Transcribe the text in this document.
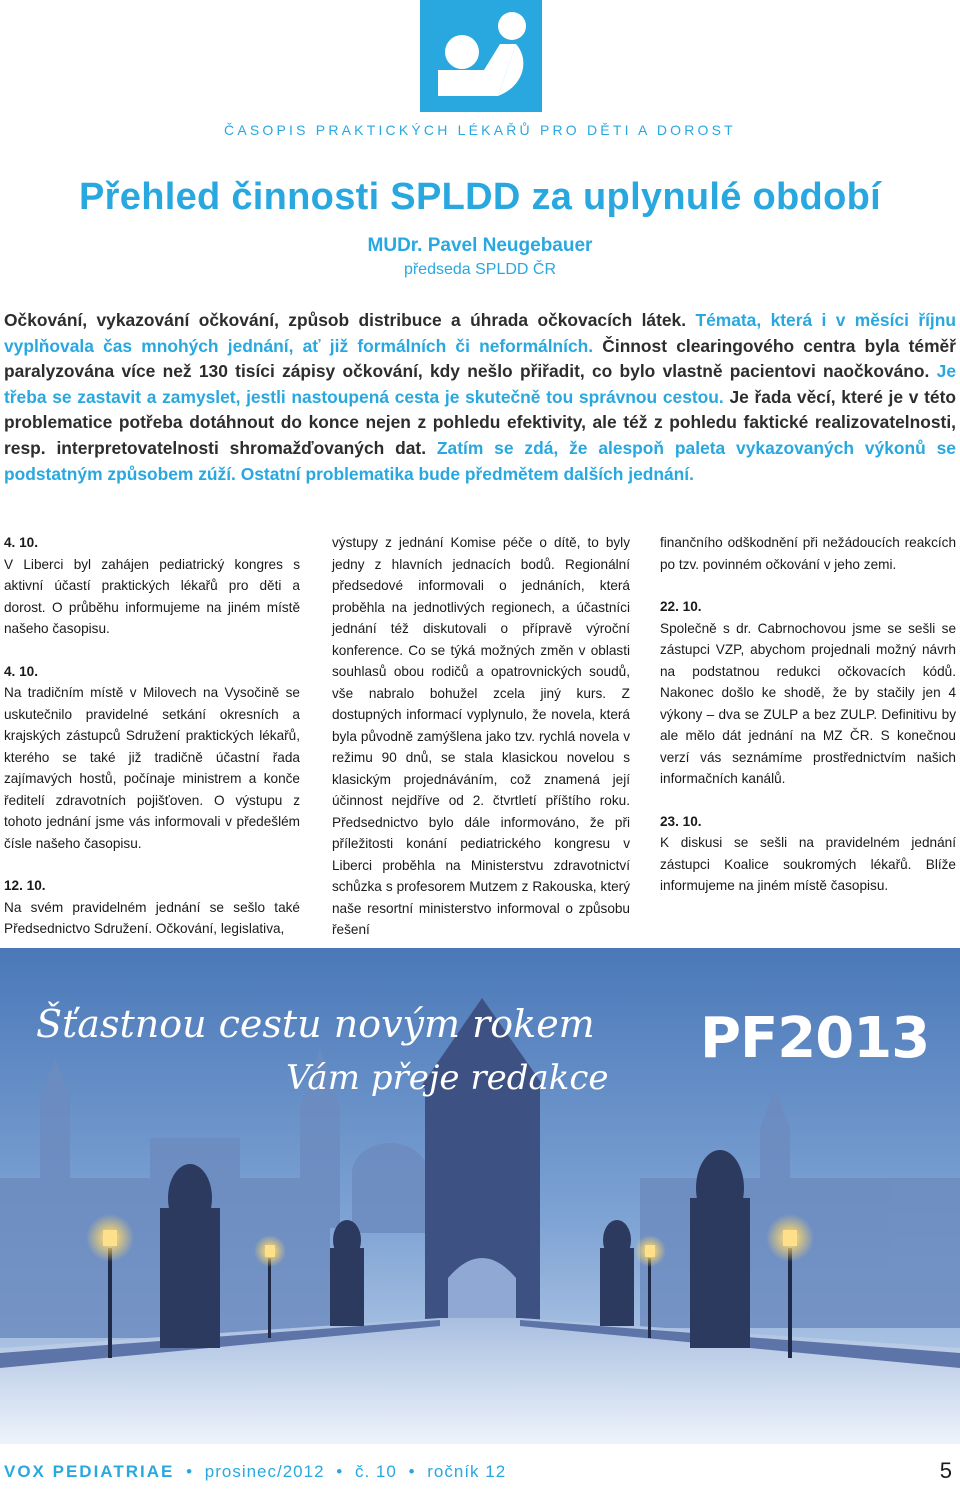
ČASOPIS PRAKTICKÝCH LÉKAŘŮ PRO DĚTI A DOROST
Přehled činnosti SPLDD za uplynulé období
MUDr. Pavel Neugebauer
předseda SPLDD ČR

Očkování, vykazování očkování, způsob distribuce a úhrada očkovacích látek. Témata, která i v měsíci říjnu vyplňovala čas mnohých jednání, ať již formálních či neformálních. Činnost clearingového centra byla téměř paralyzována více než 130 tisíci zápisy očkování, kdy nešlo přiřadit, co bylo vlastně pacientovi naočkováno. Je třeba se zastavit a zamyslet, jestli nastoupená cesta je skutečně tou správnou cestou. Je řada věcí, které je v této problematice potřeba dotáhnout do konce nejen z pohledu efektivity, ale též z pohledu faktické realizovatelnosti, resp. interpretovatelnosti shromažďovaných dat. Zatím se zdá, že alespoň paleta vykazovaných výkonů se podstatným způsobem zúží. Ostatní problematika bude předmětem dalších jednání.

4. 10.

V Liberci byl zahájen pediatrický kongres s aktivní účastí praktických lékařů pro děti a dorost. O průběhu informujeme na jiném místě našeho časopisu.

4. 10.

Na tradičním místě v Milovech na Vysočině se uskutečnilo pravidelné setkání okresních a krajských zástupců Sdružení praktických lékařů, kterého se také již tradičně účastní řada zajímavých hostů, počínaje ministrem a konče ředitelí zdravotních pojišťoven. O výstupu z tohoto jednání jsme vás informovali v předešlém čísle našeho časopisu.

12. 10.

Na svém pravidelném jednání se sešlo také Předsednictvo Sdružení. Očkování, legislativa,

výstupy z jednání Komise péče o dítě, to byly jedny z hlavních jednacích bodů. Regionální předsedové informovali o jednáních, která proběhla na jednotlivých regionech, a účastníci jednání též diskutovali o přípravě výroční konference. Co se týká možných změn v oblasti souhlasů obou rodičů a opatrovnických soudů, vše nabralo bohužel zcela jiný kurs. Z dostupných informací vyplynulo, že novela, která byla původně zamýšlena jako tzv. rychlá novela v režimu 90 dnů, se stala klasickou novelou s klasickým projednáváním, což znamená její účinnost nejdříve od 2. čtvrtletí příštího roku. Předsednictvo bylo dále informováno, že při příležitosti konání pediatrického kongresu v Liberci proběhla na Ministerstvu zdravotnictví schůzka s profesorem Mutzem z Rakouska, který naše resortní ministerstvo informoval o způsobu řešení

finančního odškodnění při nežádoucích reakcích po tzv. povinném očkování v jeho zemi.

22. 10.

Společně s dr. Cabrnochovou jsme se sešli se zástupci VZP, abychom projednali možný návrh na podstatnou redukci očkovacích kódů. Nakonec došlo ke shodě, že by stačily jen 4 výkony – dva se ZULP a bez ZULP. Definitivu by ale mělo dát jednání na MZ ČR. S konečnou verzí vás seznámíme prostřednictvím našich informačních kanálů.

23. 10.

K diskusi se sešli na pravidelném jednání zástupci Koalice soukromých lékařů. Blíže informujeme na jiném místě časopisu.

Šťastnou cestu novým rokem
Vám přeje redakce
PF2013
VOX PEDIATRIAE • prosinec/2012 • č. 10 • ročník 12	5
